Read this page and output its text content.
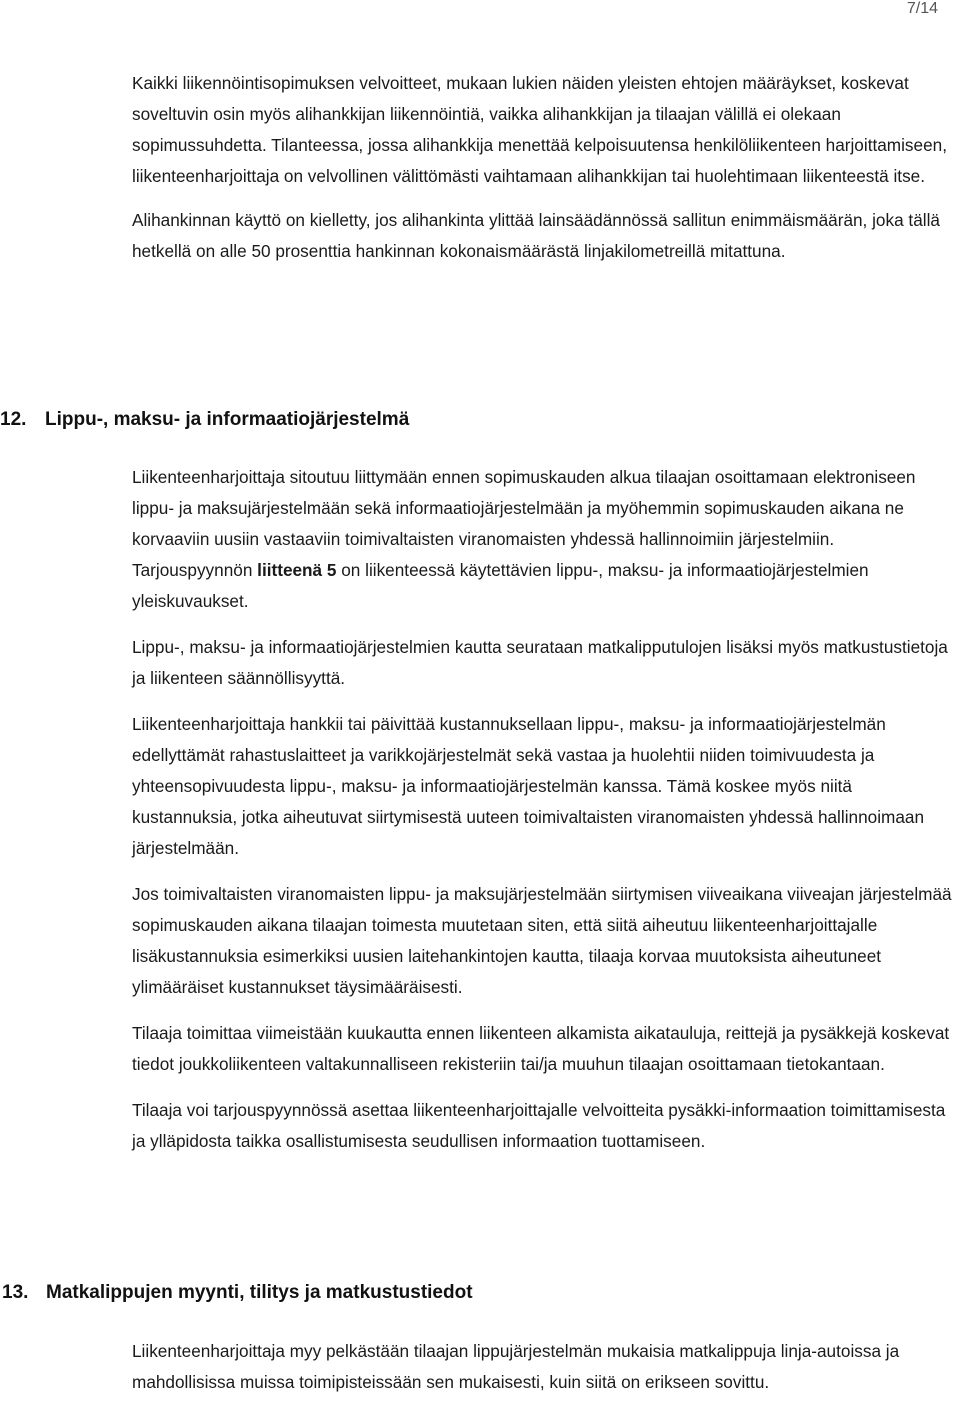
7/14

Kaikki liikennöintisopimuksen velvoitteet, mukaan lukien näiden yleisten ehtojen määräykset, koskevat soveltuvin osin myös alihankkijan liikennöintiä, vaikka alihankkijan ja tilaajan välillä ei olekaan sopimussuhdetta. Tilanteessa, jossa alihankkija menettää kelpoisuutensa henkilöliikenteen harjoittamiseen, liikenteenharjoittaja on velvollinen välittömästi vaihtamaan alihankkijan tai huolehtimaan liikenteestä itse.

Alihankinnan käyttö on kielletty, jos alihankinta ylittää lainsäädännössä sallitun enimmäismäärän, joka tällä hetkellä on alle 50 prosenttia hankinnan kokonaismäärästä linjakilometreillä mitattuna.

12. Lippu-, maksu- ja informaatiojärjestelmä

Liikenteenharjoittaja sitoutuu liittymään ennen sopimuskauden alkua tilaajan osoittamaan elektroniseen lippu- ja maksujärjestelmään sekä informaatiojärjestelmään ja myöhemmin sopimuskauden aikana ne korvaaviin uusiin vastaaviin toimivaltaisten viranomaisten yhdessä hallinnoimiin järjestelmiin. Tarjouspyynnön liitteenä 5 on liikenteessä käytettävien lippu-, maksu- ja informaatiojärjestelmien yleiskuvaukset.

Lippu-, maksu- ja informaatiojärjestelmien kautta seurataan matkalipputulojen lisäksi myös matkustustietoja ja liikenteen säännöllisyyttä.

Liikenteenharjoittaja hankkii tai päivittää kustannuksellaan lippu-, maksu- ja informaatiojärjestelmän edellyttämät rahastuslaitteet ja varikkojärjestelmät sekä vastaa ja huolehtii niiden toimivuudesta ja yhteensopivuudesta lippu-, maksu- ja informaatiojärjestelmän kanssa. Tämä koskee myös niitä kustannuksia, jotka aiheutuvat siirtymisestä uuteen toimivaltaisten viranomaisten yhdessä hallinnoimaan järjestelmään.

Jos toimivaltaisten viranomaisten lippu- ja maksujärjestelmään siirtymisen viiveaikana viiveajan järjestelmää sopimuskauden aikana tilaajan toimesta muutetaan siten, että siitä aiheutuu liikenteenharjoittajalle lisäkustannuksia esimerkiksi uusien laitehankintojen kautta, tilaaja korvaa muutoksista aiheutuneet ylimääräiset kustannukset täysimääräisesti.

Tilaaja toimittaa viimeistään kuukautta ennen liikenteen alkamista aikatauluja, reittejä ja pysäkkejä koskevat tiedot joukkoliikenteen valtakunnalliseen rekisteriin tai/ja muuhun tilaajan osoittamaan tietokantaan.

Tilaaja voi tarjouspyynnössä asettaa liikenteenharjoittajalle velvoitteita pysäkki-informaation toimittamisesta ja ylläpidosta taikka osallistumisesta seudullisen informaation tuottamiseen.

13. Matkalippujen myynti, tilitys ja matkustustiedot

Liikenteenharjoittaja myy pelkästään tilaajan lippujärjestelmän mukaisia matkalippuja linja-autoissa ja mahdollisissa muissa toimipisteissään sen mukaisesti, kuin siitä on erikseen sovittu.
